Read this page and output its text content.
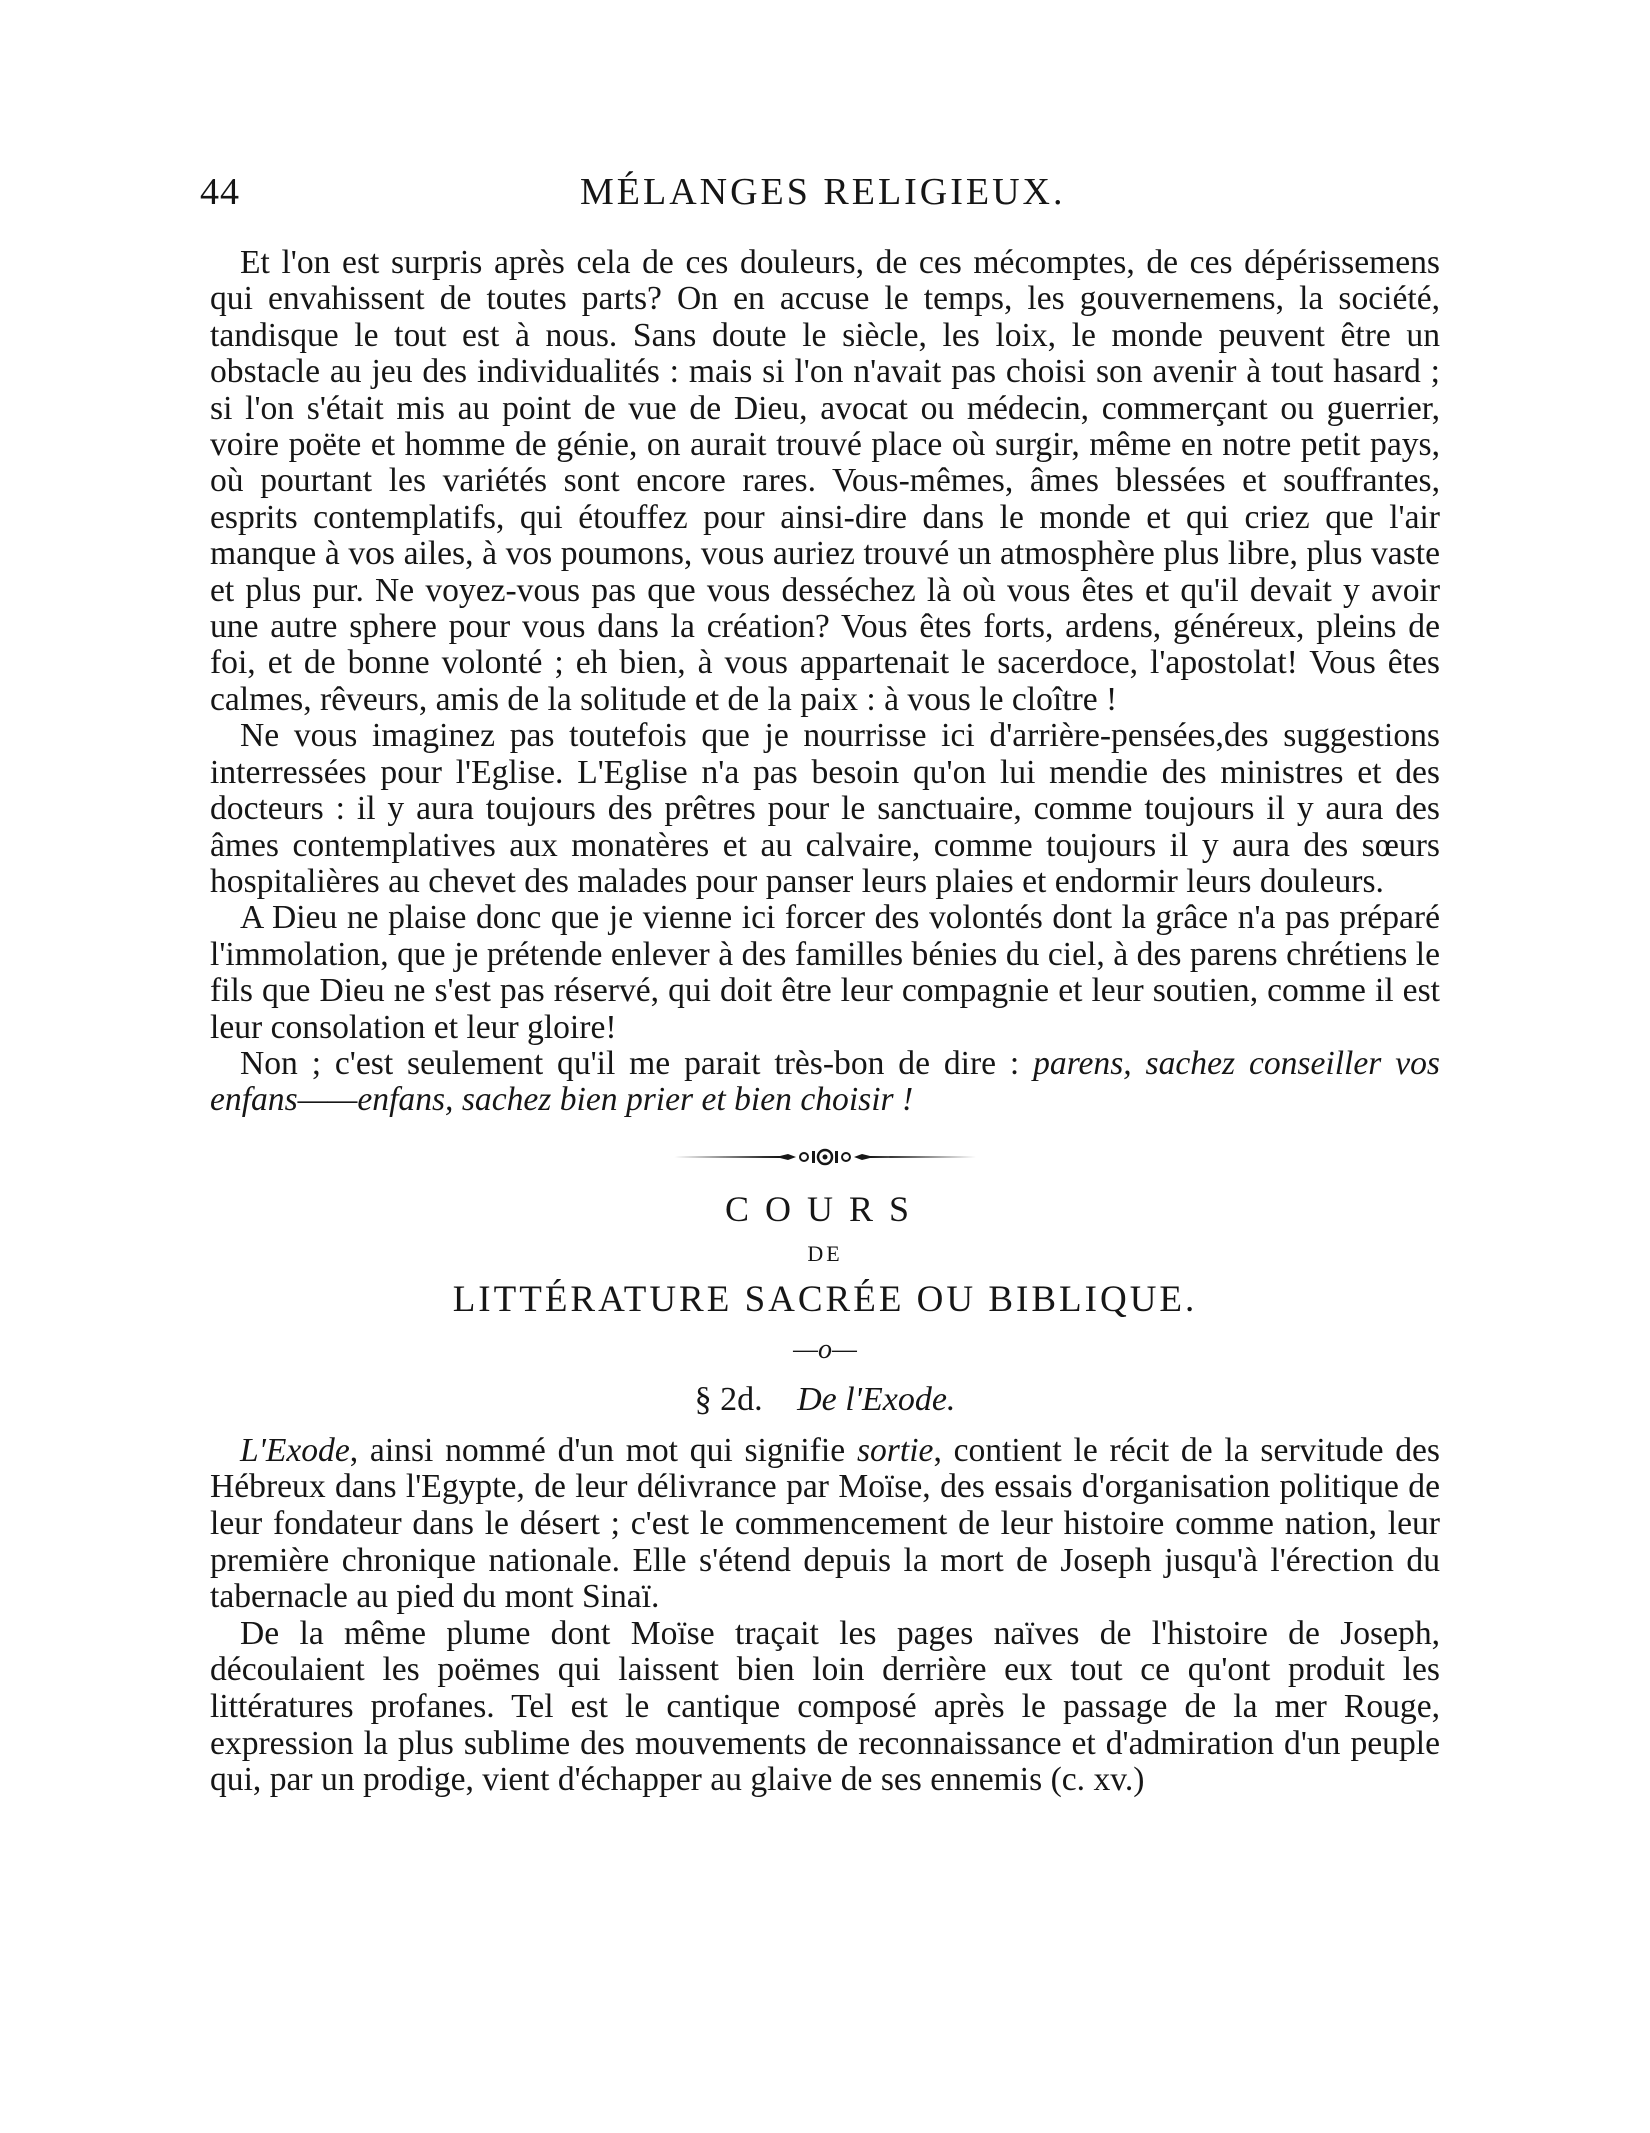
44	MÉLANGES RELIGIEUX.

Et l'on est surpris après cela de ces douleurs, de ces mécomptes, de ces dépérissemens qui envahissent de toutes parts? On en accuse le temps, les gouvernemens, la société, tandisque le tout est à nous. Sans doute le siècle, les loix, le monde peuvent être un obstacle au jeu des individualités : mais si l'on n'avait pas choisi son avenir à tout hasard ; si l'on s'était mis au point de vue de Dieu, avocat ou médecin, commerçant ou guerrier, voire poëte et homme de génie, on aurait trouvé place où surgir, même en notre petit pays, où pourtant les variétés sont encore rares. Vous-mêmes, âmes blessées et souffrantes, esprits contemplatifs, qui étouffez pour ainsi-dire dans le monde et qui criez que l'air manque à vos ailes, à vos poumons, vous auriez trouvé un atmosphère plus libre, plus vaste et plus pur. Ne voyez-vous pas que vous desséchez là où vous êtes et qu'il devait y avoir une autre sphere pour vous dans la création? Vous êtes forts, ardens, généreux, pleins de foi, et de bonne volonté ; eh bien, à vous appartenait le sacerdoce, l'apostolat! Vous êtes calmes, rêveurs, amis de la solitude et de la paix : à vous le cloître !

Ne vous imaginez pas toutefois que je nourrisse ici d'arrière-pensées,des suggestions interressées pour l'Eglise. L'Eglise n'a pas besoin qu'on lui mendie des ministres et des docteurs : il y aura toujours des prêtres pour le sanctuaire, comme toujours il y aura des âmes contemplatives aux monatères et au calvaire, comme toujours il y aura des sœurs hospitalières au chevet des malades pour panser leurs plaies et endormir leurs douleurs.

A Dieu ne plaise donc que je vienne ici forcer des volontés dont la grâce n'a pas préparé l'immolation, que je prétende enlever à des familles bénies du ciel, à des parens chrétiens le fils que Dieu ne s'est pas réservé, qui doit être leur compagnie et leur soutien, comme il est leur consolation et leur gloire!

Non ; c'est seulement qu'il me parait très-bon de dire : parens, sachez conseiller vos enfans——enfans, sachez bien prier et bien choisir !

COURS
DE
LITTÉRATURE SACRÉE OU BIBLIQUE.
—o—
§ 2d. De l'Exode.

L'Exode, ainsi nommé d'un mot qui signifie sortie, contient le récit de la servitude des Hébreux dans l'Egypte, de leur délivrance par Moïse, des essais d'organisation politique de leur fondateur dans le désert ; c'est le commencement de leur histoire comme nation, leur première chronique nationale. Elle s'étend depuis la mort de Joseph jusqu'à l'érection du tabernacle au pied du mont Sinaï.

De la même plume dont Moïse traçait les pages naïves de l'histoire de Joseph, découlaient les poëmes qui laissent bien loin derrière eux tout ce qu'ont produit les littératures profanes. Tel est le cantique composé après le passage de la mer Rouge, expression la plus sublime des mouvements de reconnaissance et d'admiration d'un peuple qui, par un prodige, vient d'échapper au glaive de ses ennemis (c. xv.)
